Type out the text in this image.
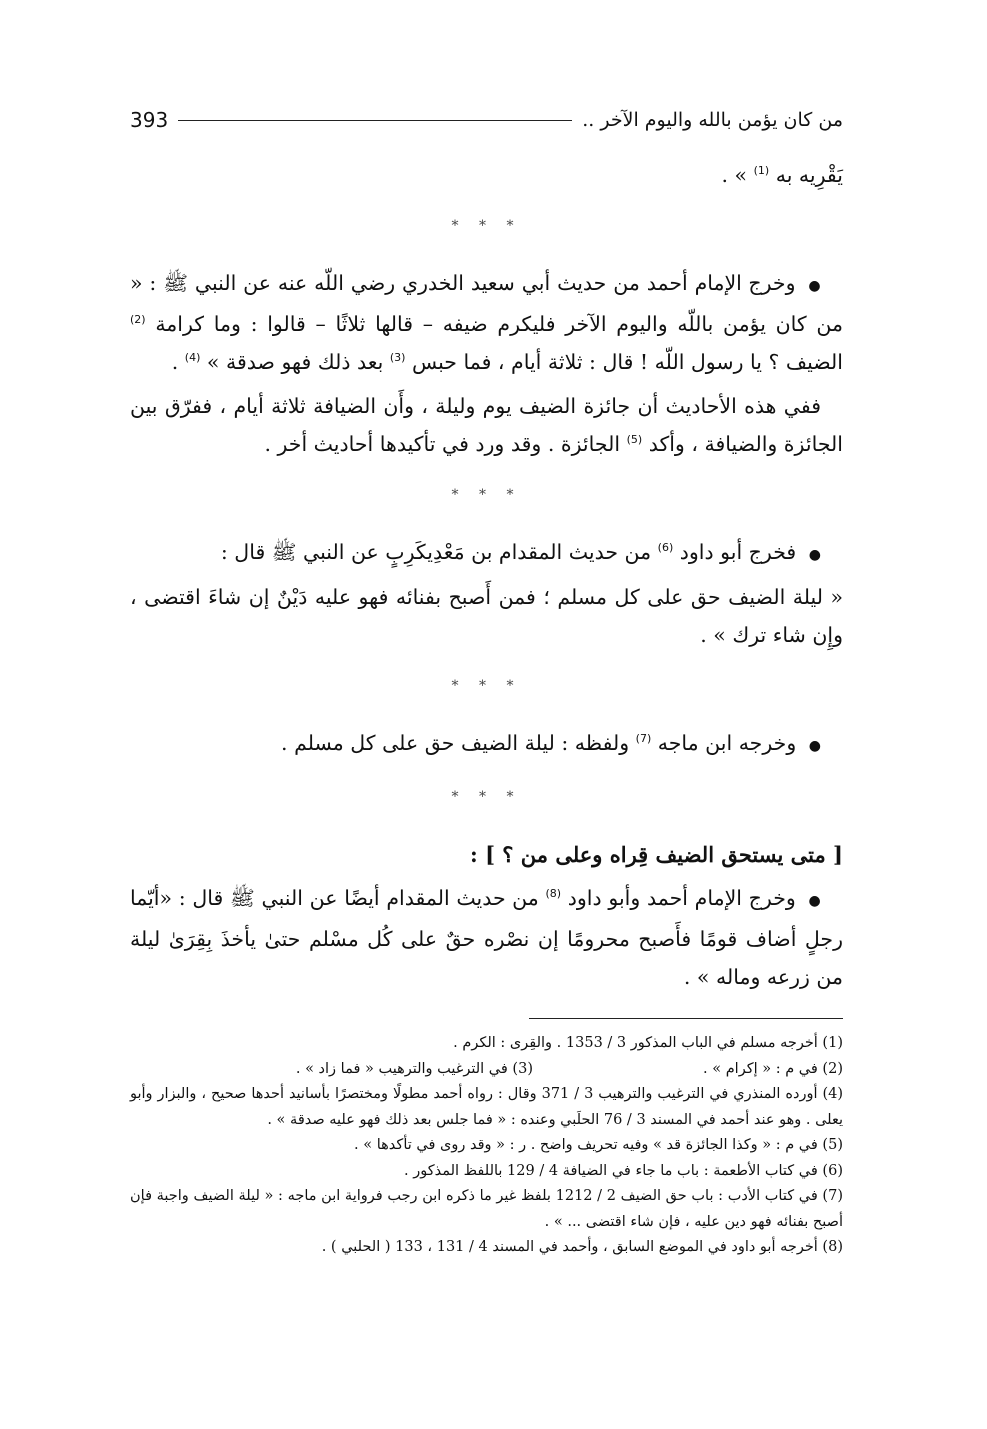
من كان يؤمن بالله واليوم الآخر ..
393

يَقْرِيه به $^{(1)}$ » .

* * *

● وخرج الإمام أحمد من حديث أبي سعيد الخدري رضي اللّه عنه عن النبي ﷺ : « من كان يؤمن باللّه واليوم الآخر فليكرم ضيفه – قالها ثلاثًا – قالوا : وما كرامة $^{(2)}$ الضيف ؟ يا رسول اللّه ! قال : ثلاثة أيام ، فما حبس $^{(3)}$ بعد ذلك فهو صدقة » $^{(4)}$ .

ففي هذه الأحاديث أن جائزة الضيف يوم وليلة ، وأَن الضيافة ثلاثة أيام ، ففرّق بين الجائزة والضيافة ، وأكد $^{(5)}$ الجائزة . وقد ورد في تأكيدها أحاديث أخر .

* * *

● فخرج أبو داود $^{(6)}$ من حديث المقدام بن مَعْدِيكَرِبٍ عن النبي ﷺ قال :

« ليلة الضيف حق على كل مسلم ؛ فمن أَصبح بفنائه فهو عليه دَيْنٌ إن شاءَ اقتضى ، وإِن شاء ترك » .

* * *

● وخرجه ابن ماجه $^{(7)}$ ولفظه : ليلة الضيف حق على كل مسلم .

* * *
[ متى يستحق الضيف قِراه وعلى من ؟ ] :

● وخرج الإمام أحمد وأبو داود $^{(8)}$ من حديث المقدام أيضًا عن النبي ﷺ قال : «أيّما رجلٍ أضاف قومًا فأَصبح محرومًا إن نصْره حقٌ على كُل مسْلم حتىٰ يأخذَ بِقِرَىٰ ليلة من زرعه وماله » .

(1) أخرجه مسلم في الباب المذكور 3 / 1353 . والقِرى : الكرم .

(2) في م : « إكرام » .
(3) في الترغيب والترهيب « فما زاد » .

(4) أورده المنذري في الترغيب والترهيب 3 / 371 وقال : رواه أحمد مطولًا ومختصرًا بأسانيد أحدها صحيح ، والبزار وأبو يعلى . وهو عند أحمد في المسند 3 / 76 الحلَبي وعنده : « فما جلس بعد ذلك فهو عليه صدقة » .

(5) في م : « وكذا الجائزة قد » وفيه تحريف واضح . ر : « وقد روى في تأكدها » .

(6) في كتاب الأطعمة : باب ما جاء في الضيافة 4 / 129 باللفظ المذكور .

(7) في كتاب الأدب : باب حق الضيف 2 / 1212 بلفظ غير ما ذكره ابن رجب فرواية ابن ماجه : « ليلة الضيف واجبة فإن أصبح بفنائه فهو دين عليه ، فإن شاء اقتضى ... » .

(8) أخرجه أبو داود في الموضع السابق ، وأحمد في المسند 4 / 131 ، 133 ( الحلبي ) .
